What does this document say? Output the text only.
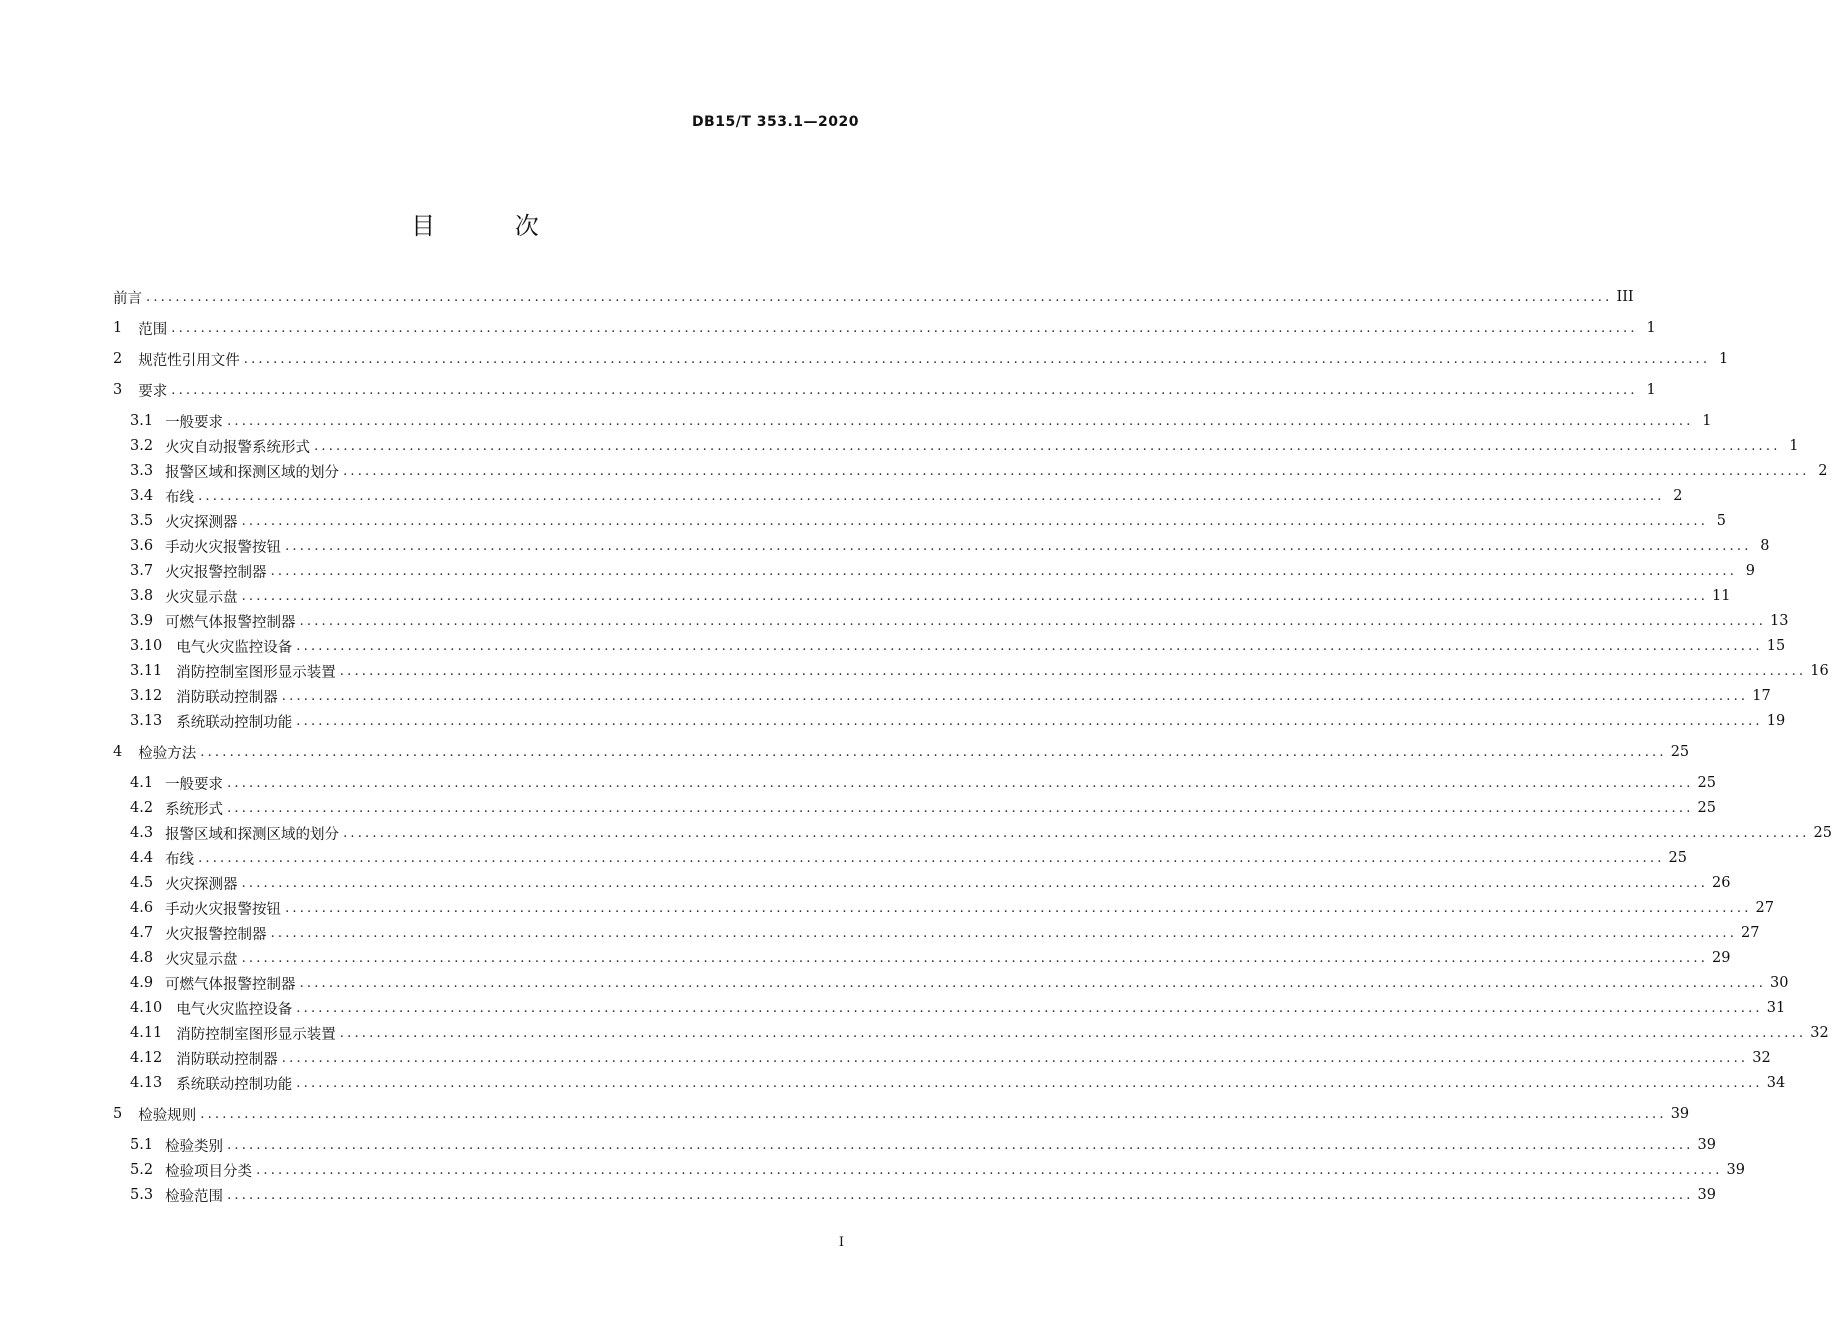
DB15/T 353.1—2020
目 次
前言 ........................................................................................................................................................................................................ III
1 范围 ........................................................................................................................................................................................................ 1
2 规范性引用文件 ........................................................................................................................................................................................................ 1
3 要求 ........................................................................................................................................................................................................ 1
3.1 一般要求 ........................................................................................................................................................................................................ 1
3.2 火灾自动报警系统形式 ........................................................................................................................................................................................................ 1
3.3 报警区域和探测区域的划分 ........................................................................................................................................................................................................ 2
3.4 布线 ........................................................................................................................................................................................................ 2
3.5 火灾探测器 ........................................................................................................................................................................................................ 5
3.6 手动火灾报警按钮 ........................................................................................................................................................................................................ 8
3.7 火灾报警控制器 ........................................................................................................................................................................................................ 9
3.8 火灾显示盘 ........................................................................................................................................................................................................ 11
3.9 可燃气体报警控制器 ........................................................................................................................................................................................................ 13
3.10 电气火灾监控设备 ........................................................................................................................................................................................................ 15
3.11 消防控制室图形显示装置 ........................................................................................................................................................................................................ 16
3.12 消防联动控制器 ........................................................................................................................................................................................................ 17
3.13 系统联动控制功能 ........................................................................................................................................................................................................ 19
4 检验方法 ........................................................................................................................................................................................................ 25
4.1 一般要求 ........................................................................................................................................................................................................ 25
4.2 系统形式 ........................................................................................................................................................................................................ 25
4.3 报警区域和探测区域的划分 ........................................................................................................................................................................................................ 25
4.4 布线 ........................................................................................................................................................................................................ 25
4.5 火灾探测器 ........................................................................................................................................................................................................ 26
4.6 手动火灾报警按钮 ........................................................................................................................................................................................................ 27
4.7 火灾报警控制器 ........................................................................................................................................................................................................ 27
4.8 火灾显示盘 ........................................................................................................................................................................................................ 29
4.9 可燃气体报警控制器 ........................................................................................................................................................................................................ 30
4.10 电气火灾监控设备 ........................................................................................................................................................................................................ 31
4.11 消防控制室图形显示装置 ........................................................................................................................................................................................................ 32
4.12 消防联动控制器 ........................................................................................................................................................................................................ 32
4.13 系统联动控制功能 ........................................................................................................................................................................................................ 34
5 检验规则 ........................................................................................................................................................................................................ 39
5.1 检验类别 ........................................................................................................................................................................................................ 39
5.2 检验项目分类 ........................................................................................................................................................................................................ 39
5.3 检验范围 ........................................................................................................................................................................................................ 39
I
